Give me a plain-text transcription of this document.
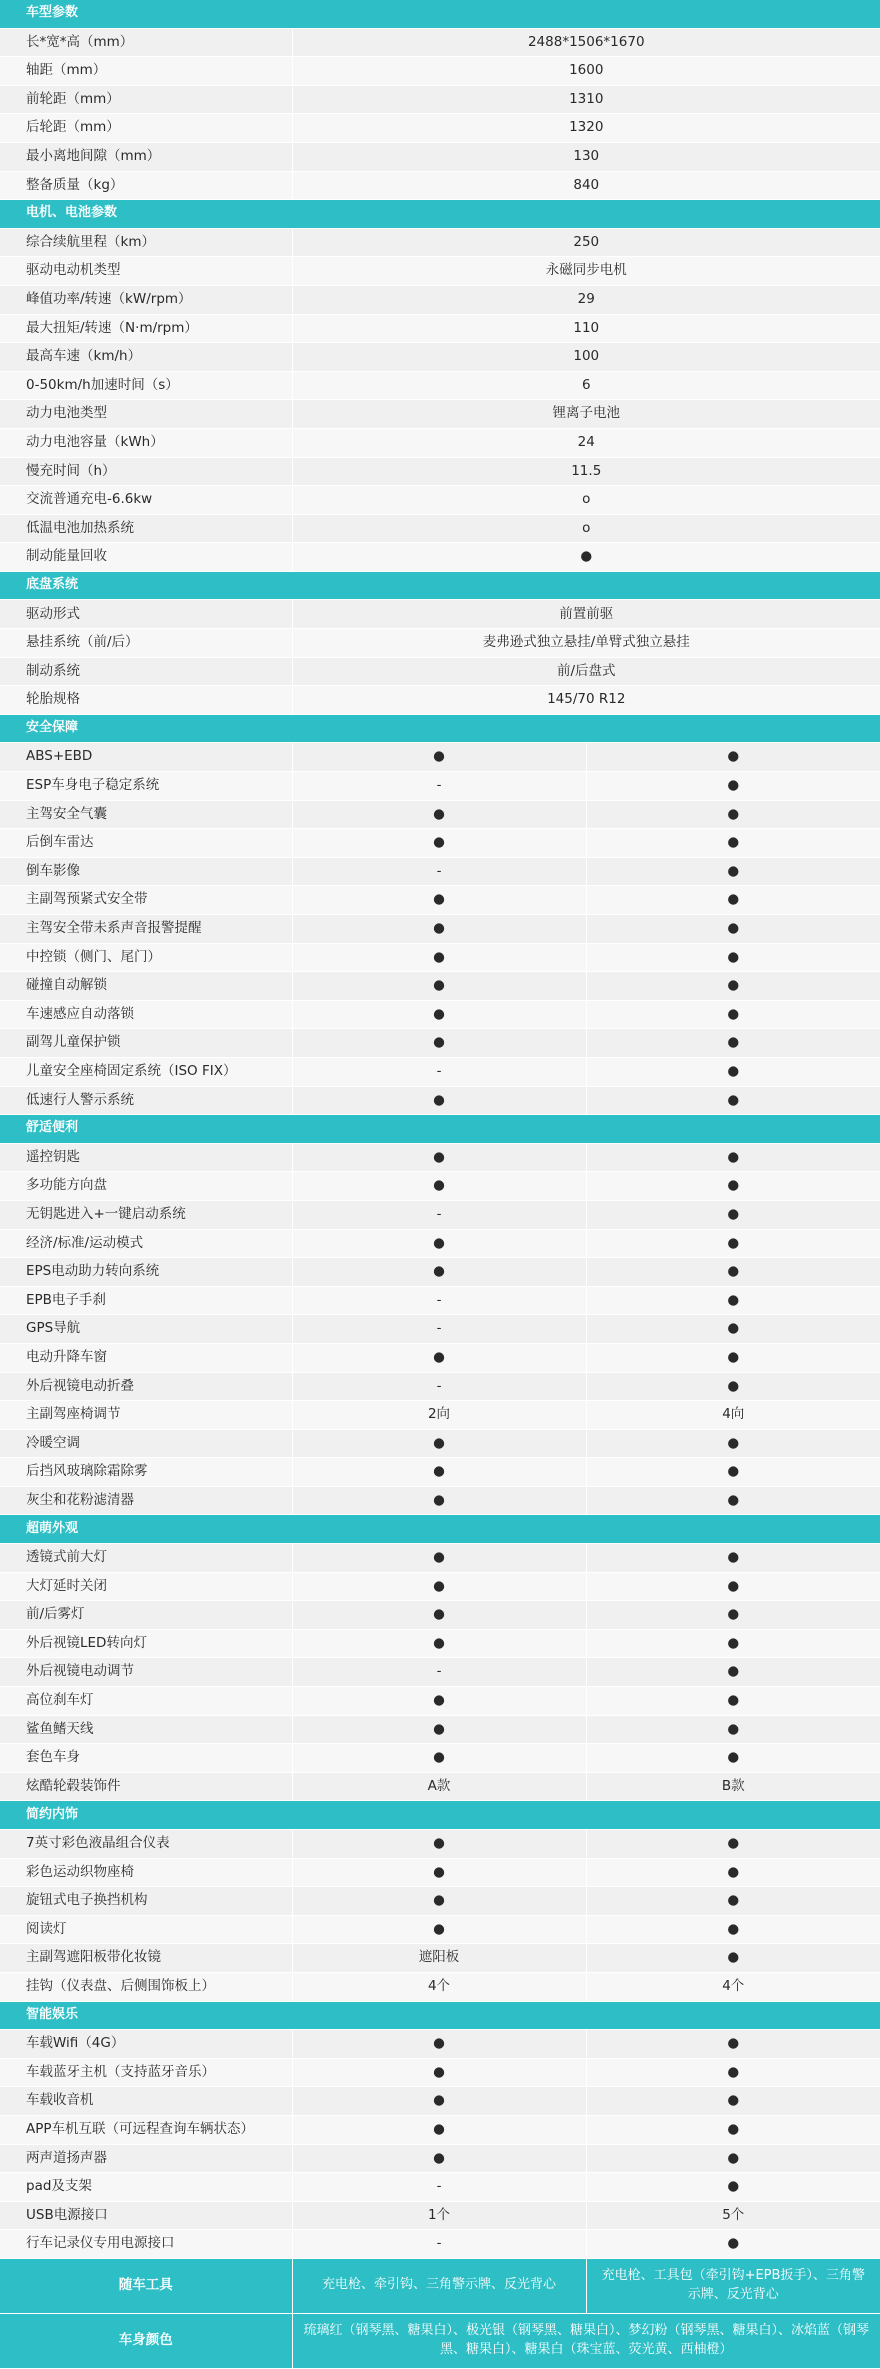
车型参数		
长*宽*高（mm）	2488*1506*1670	
轴距（mm）	1600	
前轮距（mm）	1310	
后轮距（mm）	1320	
最小离地间隙（mm）	130	
整备质量（kg）	840	
电机、电池参数		
综合续航里程（km）	250	
驱动电动机类型	永磁同步电机	
峰值功率/转速（kW/rpm）	29	
最大扭矩/转速（N·m/rpm）	110	
最高车速（km/h）	100	
0-50km/h加速时间（s）	6	
动力电池类型	锂离子电池	
动力电池容量（kWh）	24	
慢充时间（h）	11.5	
交流普通充电-6.6kw	o	
低温电池加热系统	o	
制动能量回收	●	
底盘系统		
驱动形式	前置前驱	
悬挂系统（前/后）	麦弗逊式独立悬挂/单臂式独立悬挂	
制动系统	前/后盘式	
轮胎规格	145/70 R12	
安全保障		
ABS+EBD	●	●
ESP车身电子稳定系统	-	●
主驾安全气囊	●	●
后倒车雷达	●	●
倒车影像	-	●
主副驾预紧式安全带	●	●
主驾安全带未系声音报警提醒	●	●
中控锁（侧门、尾门）	●	●
碰撞自动解锁	●	●
车速感应自动落锁	●	●
副驾儿童保护锁	●	●
儿童安全座椅固定系统（ISO FIX）	-	●
低速行人警示系统	●	●
舒适便利		
遥控钥匙	●	●
多功能方向盘	●	●
无钥匙进入+一键启动系统	-	●
经济/标准/运动模式	●	●
EPS电动助力转向系统	●	●
EPB电子手刹	-	●
GPS导航	-	●
电动升降车窗	●	●
外后视镜电动折叠	-	●
主副驾座椅调节	2向	4向
冷暖空调	●	●
后挡风玻璃除霜除雾	●	●
灰尘和花粉滤清器	●	●
超萌外观		
透镜式前大灯	●	●
大灯延时关闭	●	●
前/后雾灯	●	●
外后视镜LED转向灯	●	●
外后视镜电动调节	-	●
高位刹车灯	●	●
鲨鱼鳍天线	●	●
套色车身	●	●
炫酷轮毂装饰件	A款	B款
简约内饰		
7英寸彩色液晶组合仪表	●	●
彩色运动织物座椅	●	●
旋钮式电子换挡机构	●	●
阅读灯	●	●
主副驾遮阳板带化妆镜	遮阳板	●
挂钩（仪表盘、后侧围饰板上）	4个	4个
智能娱乐		
车载Wifi（4G）	●	●
车载蓝牙主机（支持蓝牙音乐）	●	●
车载收音机	●	●
APP车机互联（可远程查询车辆状态）	●	●
两声道扬声器	●	●
pad及支架	-	●
USB电源接口	1个	5个
行车记录仪专用电源接口	-	●
随车工具	充电枪、牵引钩、三角警示牌、反光背心	充电枪、工具包（牵引钩+EPB扳手）、三角警示牌、反光背心
车身颜色	琉璃红（钢琴黑、糖果白）、极光银（钢琴黑、糖果白）、梦幻粉（钢琴黑、糖果白）、冰焰蓝（钢琴黑、糖果白）、糖果白（珠宝蓝、荧光黄、西柚橙）	
